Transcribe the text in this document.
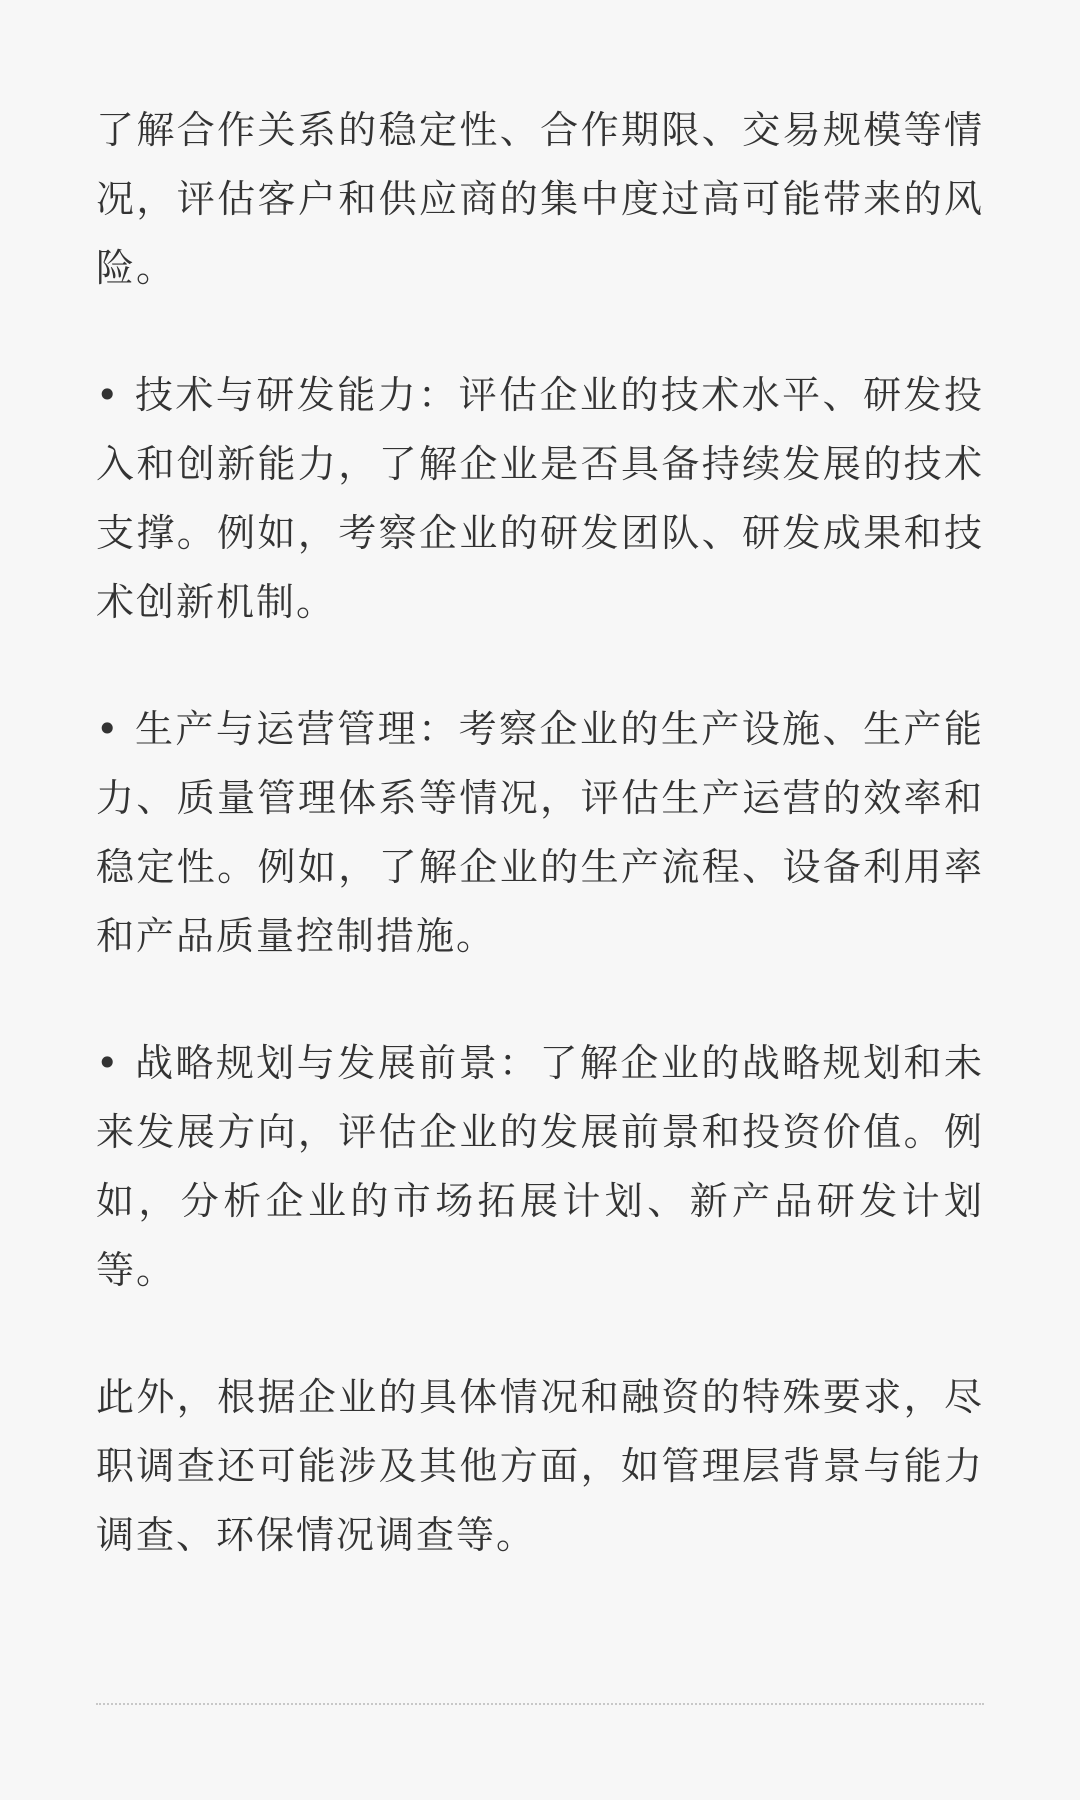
了解合作关系的稳定性、合作期限、交易规模等情况，评估客户和供应商的集中度过高可能带来的风险。

• 技术与研发能力：评估企业的技术水平、研发投入和创新能力，了解企业是否具备持续发展的技术支撑。例如，考察企业的研发团队、研发成果和技术创新机制。

• 生产与运营管理：考察企业的生产设施、生产能力、质量管理体系等情况，评估生产运营的效率和稳定性。例如，了解企业的生产流程、设备利用率和产品质量控制措施。

• 战略规划与发展前景：了解企业的战略规划和未来发展方向，评估企业的发展前景和投资价值。例如，分析企业的市场拓展计划、新产品研发计划等。

此外，根据企业的具体情况和融资的特殊要求，尽职调查还可能涉及其他方面，如管理层背景与能力调查、环保情况调查等。
